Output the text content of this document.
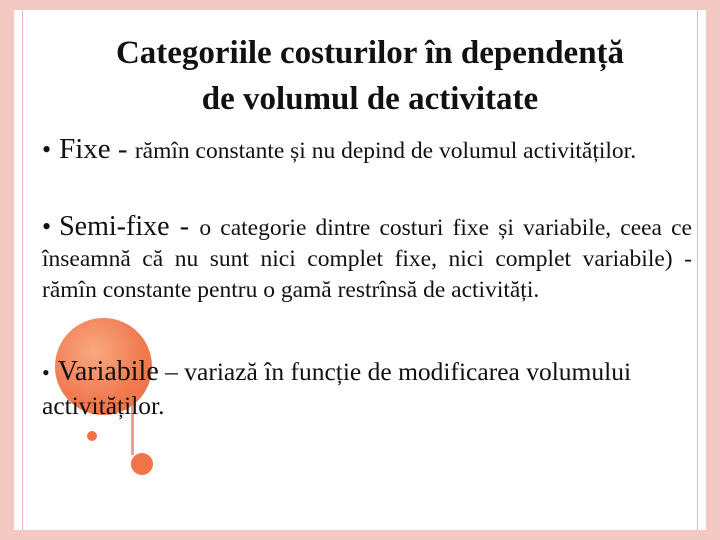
Categoriile costurilor în dependență
de volumul de activitate
• Fixe - rămîn constante și nu depind de volumul activităților.
• Semi-fixe - o categorie dintre costuri fixe și variabile, ceea ce înseamnă că nu sunt nici complet fixe, nici complet variabile) - rămîn constante pentru o gamă restrînsă de activități.
• Variabile – variază în funcție de modificarea volumului activităților.
